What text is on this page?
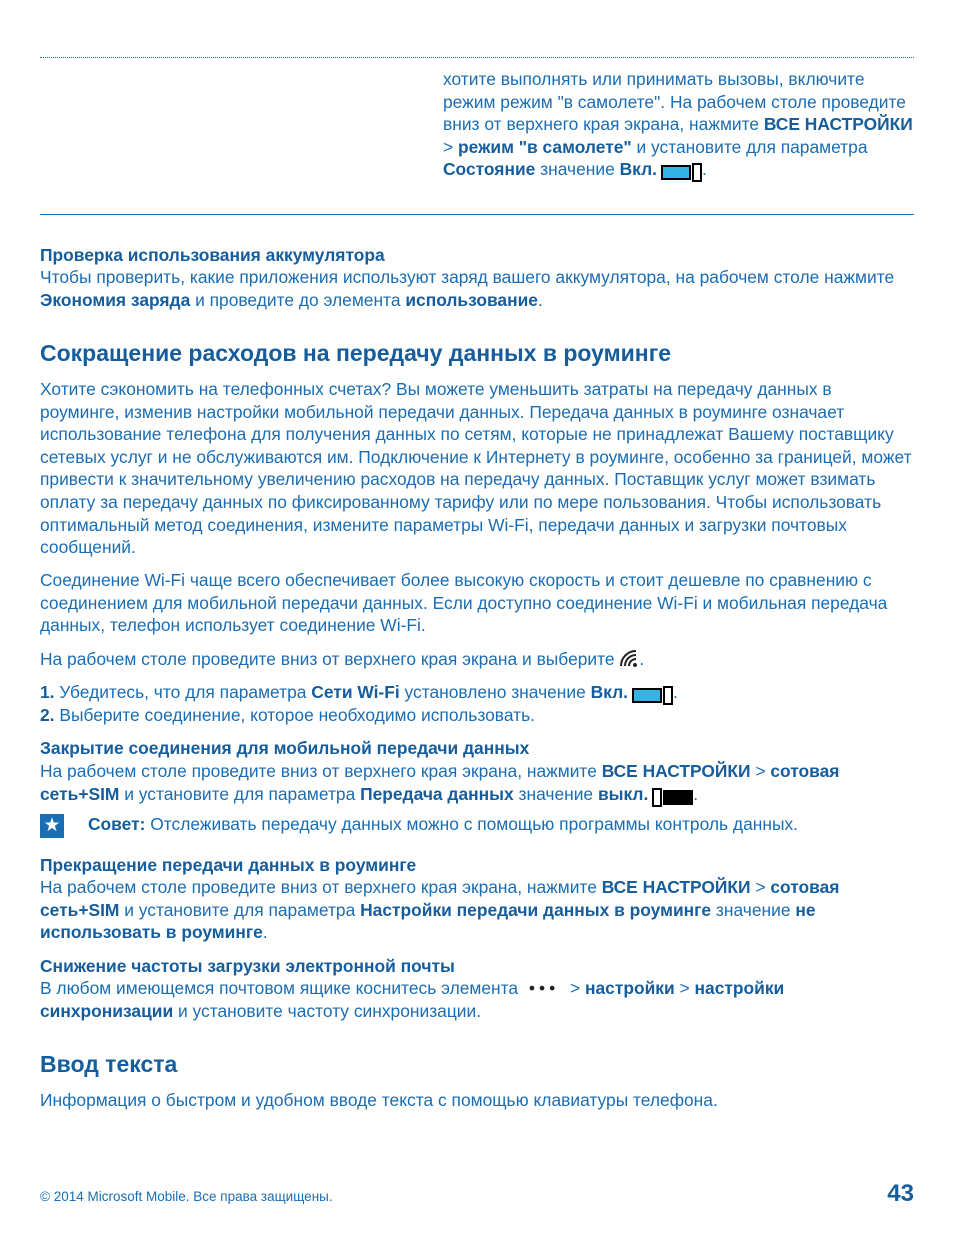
хотите выполнять или принимать вызовы, включите режим режим "в самолете". На рабочем столе проведите вниз от верхнего края экрана, нажмите ВСЕ НАСТРОЙКИ > режим "в самолете" и установите для параметра Состояние значение Вкл.	.

Проверка использования аккумулятора

Чтобы проверить, какие приложения используют заряд вашего аккумулятора, на рабочем столе нажмите Экономия заряда и проведите до элемента использование.

Сокращение расходов на передачу данных в роуминге

Хотите сэкономить на телефонных счетах? Вы можете уменьшить затраты на передачу данных в роуминге, изменив настройки мобильной передачи данных. Передача данных в роуминге означает использование телефона для получения данных по сетям, которые не принадлежат Вашему поставщику сетевых услуг и не обслуживаются им. Подключение к Интернету в роуминге, особенно за границей, может привести к значительному увеличению расходов на передачу данных. Поставщик услуг может взимать оплату за передачу данных по фиксированному тарифу или по мере пользования. Чтобы использовать оптимальный метод соединения, измените параметры Wi-Fi, передачи данных и загрузки почтовых сообщений.

Соединение Wi-Fi чаще всего обеспечивает более высокую скорость и стоит дешевле по сравнению с соединением для мобильной передачи данных. Если доступно соединение Wi-Fi и мобильная передача данных, телефон использует соединение Wi-Fi.

На рабочем столе проведите вниз от верхнего края экрана и выберите .

1. Убедитесь, что для параметра Сети Wi-Fi установлено значение Вкл.	.

2. Выберите соединение, которое необходимо использовать.

Закрытие соединения для мобильной передачи данных

На рабочем столе проведите вниз от верхнего края экрана, нажмите ВСЕ НАСТРОЙКИ > сотовая сеть+SIM и установите для параметра Передача данных значение выкл.	.

★ Совет: Отслеживать передачу данных можно с помощью программы контроль данных.

Прекращение передачи данных в роуминге

На рабочем столе проведите вниз от верхнего края экрана, нажмите ВСЕ НАСТРОЙКИ > сотовая сеть+SIM и установите для параметра Настройки передачи данных в роуминге значение не использовать в роуминге.

Снижение частоты загрузки электронной почты

В любом имеющемся почтовом ящике коснитесь элемента ••• > настройки > настройки синхронизации и установите частоту синхронизации.

Ввод текста

Информация о быстром и удобном вводе текста с помощью клавиатуры телефона.

© 2014 Microsoft Mobile. Все права защищены.	43
